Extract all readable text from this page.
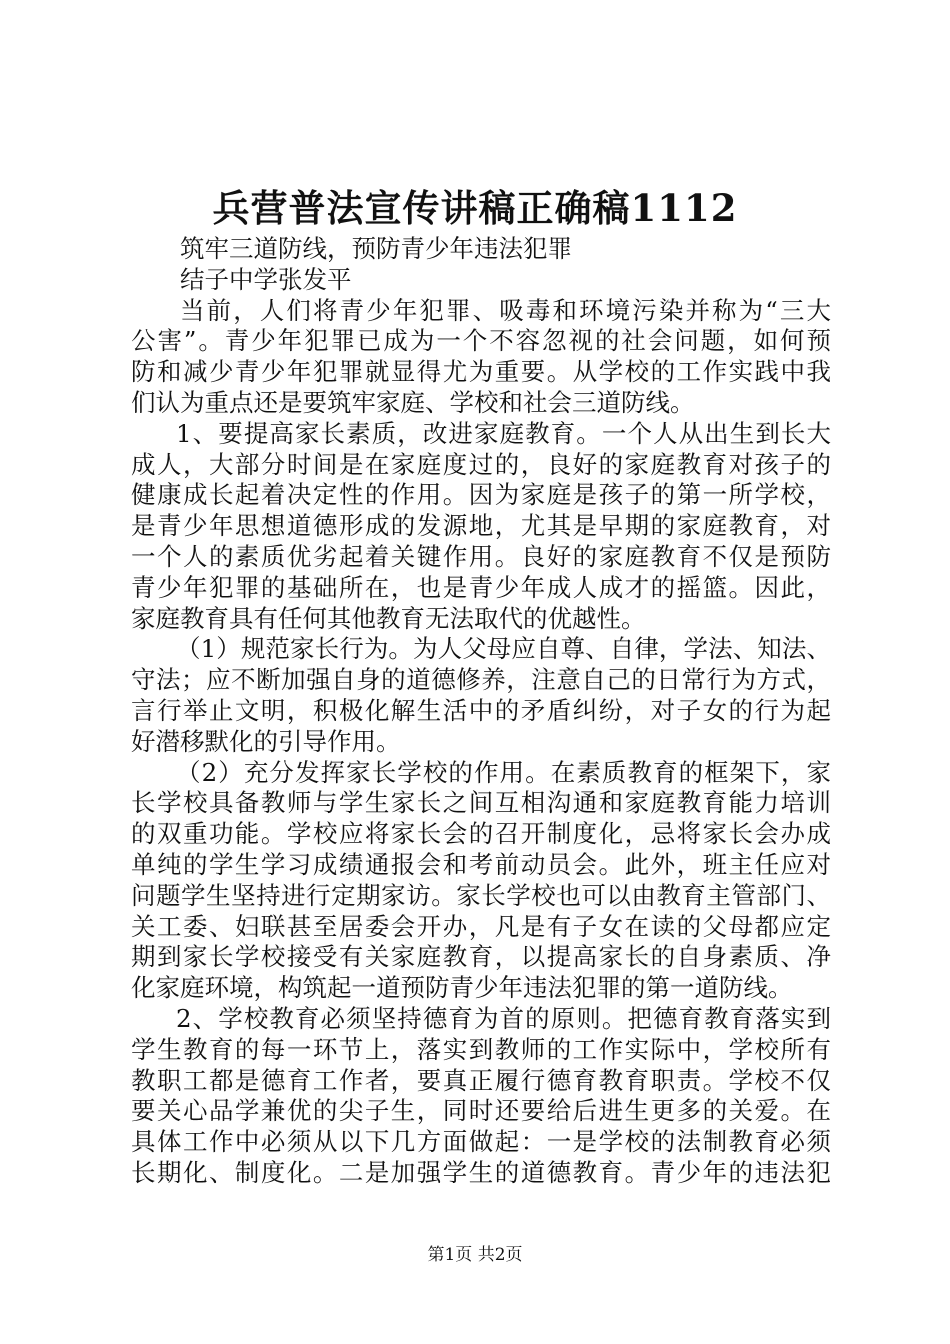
兵营普法宣传讲稿正确稿1112
筑牢三道防线，预防青少年违法犯罪
结子中学张发平
当前，人们将青少年犯罪、吸毒和环境污染并称为“三大
公害”。青少年犯罪已成为一个不容忽视的社会问题，如何预
防和减少青少年犯罪就显得尤为重要。从学校的工作实践中我
们认为重点还是要筑牢家庭、学校和社会三道防线。
1、要提高家长素质，改进家庭教育。一个人从出生到长大
成人，大部分时间是在家庭度过的，良好的家庭教育对孩子的
健康成长起着决定性的作用。因为家庭是孩子的第一所学校，
是青少年思想道德形成的发源地，尤其是早期的家庭教育，对
一个人的素质优劣起着关键作用。良好的家庭教育不仅是预防
青少年犯罪的基础所在，也是青少年成人成才的摇篮。因此，
家庭教育具有任何其他教育无法取代的优越性。
（1）规范家长行为。为人父母应自尊、自律，学法、知法、
守法；应不断加强自身的道德修养，注意自己的日常行为方式，
言行举止文明，积极化解生活中的矛盾纠纷，对子女的行为起
好潜移默化的引导作用。
（2）充分发挥家长学校的作用。在素质教育的框架下，家
长学校具备教师与学生家长之间互相沟通和家庭教育能力培训
的双重功能。学校应将家长会的召开制度化，忌将家长会办成
单纯的学生学习成绩通报会和考前动员会。此外，班主任应对
问题学生坚持进行定期家访。家长学校也可以由教育主管部门、
关工委、妇联甚至居委会开办，凡是有子女在读的父母都应定
期到家长学校接受有关家庭教育，以提高家长的自身素质、净
化家庭环境，构筑起一道预防青少年违法犯罪的第一道防线。
2、学校教育必须坚持德育为首的原则。把德育教育落实到
学生教育的每一环节上，落实到教师的工作实际中，学校所有
教职工都是德育工作者，要真正履行德育教育职责。学校不仅
要关心品学兼优的尖子生，同时还要给后进生更多的关爱。在
具体工作中必须从以下几方面做起：一是学校的法制教育必须
长期化、制度化。二是加强学生的道德教育。青少年的违法犯
第1页 共2页
